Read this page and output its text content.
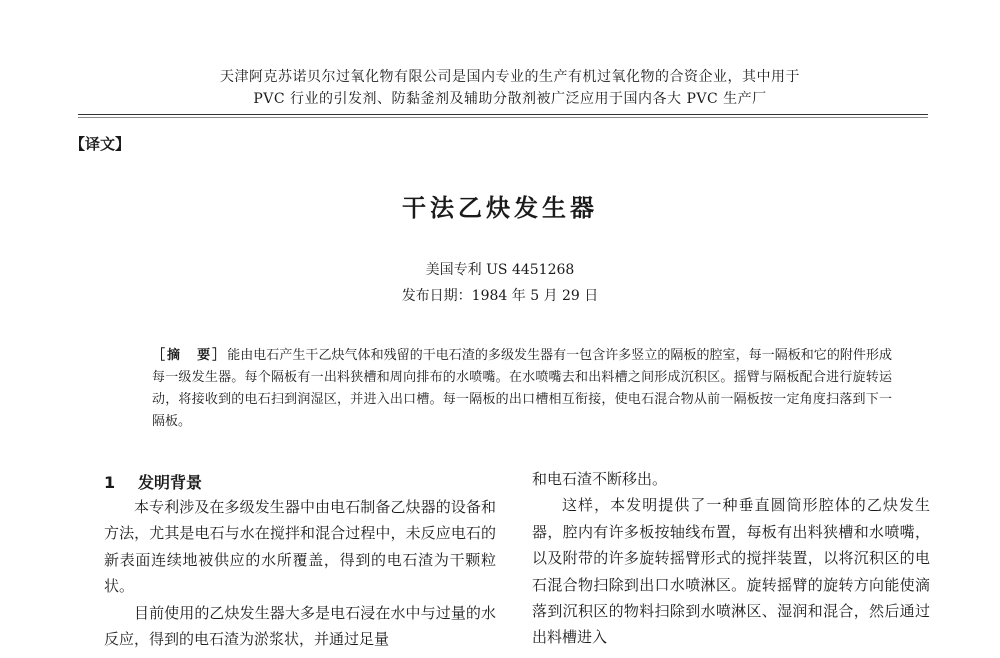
天津阿克苏诺贝尔过氧化物有限公司是国内专业的生产有机过氧化物的合资企业，其中用于
PVC 行业的引发剂、防黏釜剂及辅助分散剂被广泛应用于国内各大 PVC 生产厂
【译文】
干法乙炔发生器
美国专利 US 4451268
发布日期：1984 年 5 月 29 日
［摘　要］能由电石产生干乙炔气体和残留的干电石渣的多级发生器有一包含许多竖立的隔板的腔室，每一隔板和它的附件形成每一级发生器。每个隔板有一出料狭槽和周向排布的水喷嘴。在水喷嘴去和出料槽之间形成沉积区。摇臂与隔板配合进行旋转运动，将接收到的电石扫到润湿区，并进入出口槽。每一隔板的出口槽相互衔接，使电石混合物从前一隔板按一定角度扫落到下一隔板。
1 发明背景

本专利涉及在多级发生器中由电石制备乙炔器的设备和方法，尤其是电石与水在搅拌和混合过程中，未反应电石的新表面连续地被供应的水所覆盖，得到的电石渣为干颗粒状。

目前使用的乙炔发生器大多是电石浸在水中与过量的水反应，得到的电石渣为淤浆状，并通过足量

和电石渣不断移出。

这样，本发明提供了一种垂直圆筒形腔体的乙炔发生器，腔内有许多板按轴线布置，每板有出料狭槽和水喷嘴，以及附带的许多旋转摇臂形式的搅拌装置，以将沉积区的电石混合物扫除到出口水喷淋区。旋转摇臂的旋转方向能使滴落到沉积区的物料扫除到水喷淋区、湿润和混合，然后通过出料槽进入
